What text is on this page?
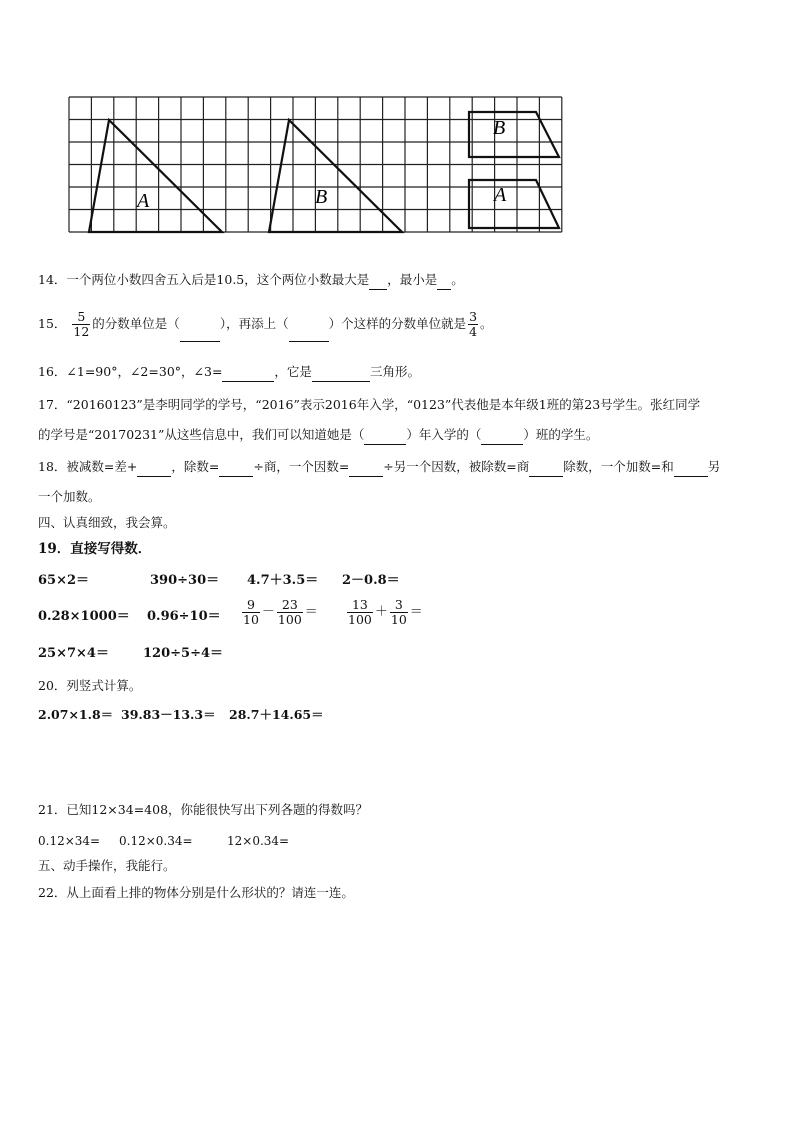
A	B
B
A
14．一个两位小数四舍五入后是10.5，这个两位小数最大是 ，最小是 。
15． $\frac{5}{12}$ 的分数单位是（	），再添上（	）个这样的分数单位就是 $\frac{3}{4}$ 。
16．∠1=90°，∠2=30°，∠3=	，它是	三角形。
17．“20160123”是李明同学的学号，“2016”表示2016年入学，“0123”代表他是本年级1班的第23号学生。张红同学
的学号是“20170231”从这些信息中，我们可以知道她是（	）年入学的（	）班的学生。
18．被减数=差+	，除数=	÷商，一个因数=	÷另一个因数，被除数=商	除数，一个加数=和	另
一个加数。
四、认真细致，我会算。
19．直接写得数．
65×2＝	390÷30＝ 4.7＋3.5＝ 2－0.8＝
$0.28\times 1000= 0.96\div 10= \frac{9}{10} - \frac{23}{100} = \frac{13}{100} + \frac{3}{10}$ ＝
25×7×4＝	120÷5÷4＝
20．列竖式计算。
2.07×1.8＝ 39.83－13.3＝ 28.7＋14.65＝
21．已知12×34=408，你能很快写出下列各题的得数吗？
0.12×34= 0.12×0.34=	12×0.34=
五、动手操作，我能行。
22．从上面看上排的物体分别是什么形状的？请连一连。
